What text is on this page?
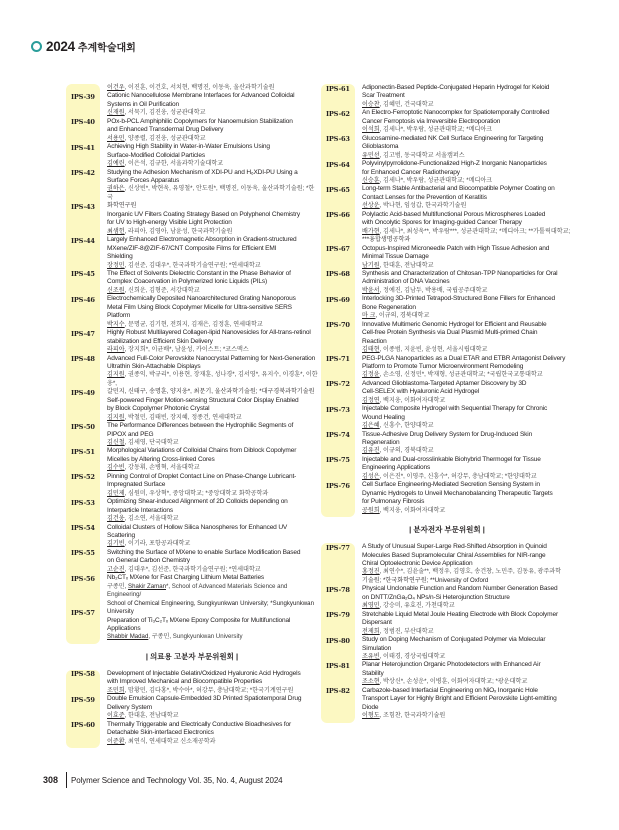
2024 추계학술대회
이건우, 이진훈, 이건호, 서치현, 백명진, 이동욱, 울산과학기술원
Cationic Nanocellulose Membrane Interfaces for Advanced Colloidal
Systems in Oil Purification
IPS-39
신재원, 서묵기, 김진웅, 성균관대학교
POx-b-PCL Amphiphilic Copolymers for Nanoemulsion Stabilization
and Enhanced Transdermal Drug Delivery
IPS-40
서용민, 양종렬, 김진웅, 성균관대학교
Achieving High Stability in Water-in-Water Emulsions Using
Surface-Modified Colloidal Particles
IPS-41
김예린, 이은석, 김규한, 서울과학기술대학교
Studying the Adhesion Mechanism of XDI-PU and H₆XDI-PU Using a
Surface Forces Apparatus
IPS-42
권하은, 신상빈*, 박현욱, 유영철*, 안도원*, 백명진, 이동욱, 울산과학기술원; *한국
화학연구원
Inorganic UV Filters Coating Strategy Based on Polyphenol Chemistry
for UV to High-energy Visible Light Protection
IPS-43
최샘헌, 라피아, 김영아, 남윤성, 한국과학기술원
Largely Enhanced Electromagnetic Absorption in Gradient-structured
MXene/ZIF-8@ZIF-67/CNT Composite Films for Efficient EMI
Shielding
IPS-44
장정민, 김선준, 김대우*, 한국과학기술연구원; *연세대학교
The Effect of Solvents Dielectric Constant in the Phase Behavior of
Complex Coacervation in Polymerized Ionic Liquids (PILs)
IPS-45
신조원, 신희운, 김형준, 서강대학교
Electrochemically Deposited Nanoarchitectured Grating Nanoporous
Metal Film Using Block Copolymer Micelle for Ultra-sensitive SERS
Platform
IPS-46
박지수, 문명균, 김기현, 전희지, 김재은, 김정훈, 연세대학교
Highly Robust Multilayered Collagen-lipid Nanovesicles for All-trans-retinol
stabilization and Efficient Skin Delivery
IPS-47
라피아, 장지희*, 이균배*, 남윤성, 카이스트; *코스맥스
Advanced Full-Color Perovskite Nanocrystal Patterning for Next-Generation
Ultrathin Skin-Attachable Displays
IPS-48
김지원, 권종익, 박규리*, 이용현, 장재훈, 성나경*, 김서영*, 유지수, 이경훈*, 이한웅*,
갈민지, 신태구, 송명훈, 양지웅*, 최문기, 울산과학기술원; *대구경북과학기술원
Self-powered Finger Motion-sensing Structural Color Display Enabled
by Block Copolymer Photonic Crystal
IPS-49
김지원, 박철민, 김태빈, 장지혜, 정종건, 연세대학교
The Performance Differences between the Hydrophilic Segments of
PIPOX and PEG
IPS-50
김신철, 김세영, 단국대학교
Morphological Variations of Colloidal Chains from Diblock Copolymer
Micelles by Altering Cross-linked Cores
IPS-51
김수빈, 강동휘, 손병혁, 서울대학교
Pinning Control of Droplet Contact Line on Phase-Change Lubricant-
Impregnated Surface
IPS-52
김민제, 심원미, 우상혁*, 중앙대학교; *중앙대학교 화학공학과
Optimizing Shear-induced Alignment of 2D Colloids depending on
Interparticle Interactions
IPS-53
김건웅, 김소연, 서울대학교
Colloidal Clusters of Hollow Silica Nanospheres for Enhanced UV
Scattering
IPS-54
김기빈, 이기라, 포항공과대학교
Switching the Surface of MXene to enable Surface Modification Based
on General Carbon Chemistry
IPS-55
고순진, 김대우*, 김선준, 한국과학기술연구원; *연세대학교
Nb₂CTₓ MXene for Fast Charging Lithium Metal Batteries
IPS-56
구종민, Shakir Zaman*, School of Advanced Materials Science and Engineering/
School of Chemical Engineering, Sungkyunkwan University; *Sungkyunkwan
University
Preparation of Ti₃C₂Tₓ MXene Epoxy Composite for Multifunctional
Applications
IPS-57
Shabbir Madad, 구종민, Sungkyunkwan University
| 의료용 고분자 부문위원회 |
Development of Injectable Gelatin/Oxidized Hyaluronic Acid Hydrogels
with Improved Mechanical and Biocompatible Properties
조민희, 맘황민, 김다홍*, 박수아*, 허강무, 충남대학교; *한국기계연구원
IPS-58
Double Emulsion Capsule-Embedded 3D Printed Spatiotemporal Drug
Delivery System
이효준, 한대훈, 전남대학교
IPS-59
Thermally Triggerable and Electrically Conductive Bioadhesives for
Detachable Skin-interfaced Electronics
이준환, 최연식, 연세대학교 신소재공학과
IPS-60
Adiponectin-Based Peptide-Conjugated Heparin Hydrogel for Keloid
Scar Treatment
이승찬, 김혜민, 건국대학교
IPS-61
An Electro-Ferroptotic Nanocomplex for Spatiotemporally Controlled
Cancer Ferroptosis via Irreversible Electroporation
이석희, 김세나*, 박우람, 성균관대학교; *메디아크
IPS-62
Glucosamine-mediated NK Cell Surface Engineering for Targeting
Glioblastoma
유민선, 김고범, 동국대학교 서울캠퍼스
IPS-63
Polyvinylpyrrolidone-Functionalized High-Z Inorganic Nanoparticles
for Enhanced Cancer Radiotherapy
신승훈, 김세나*, 박우람, 성균관대학교; *메디아크
IPS-64
Long-term Stable Antibacterial and Biocompatible Polymer Coating on
Contact Lenses for the Prevention of Keratitis
선상운, 박나현, 임성갑, 한국과학기술원
IPS-65
Polylactic Acid-based Multifunctional Porous Microspheres Loaded
with Oncolytic Spores for Imaging-guided Cancer Therapy
배가현, 김세나*, 최성욱**, 박우람***, 성균관대학교; *메디아크; **가톨릭대학교;
***융합생명공학과
IPS-66
Octopus-Inspired Microneedle Patch with High Tissue Adhesion and
Minimal Tissue Damage
남기원, 한대훈, 전남대학교
IPS-67
Synthesis and Characterization of Chitosan-TPP Nanoparticles for Oral
Administration of DNA Vaccines
박윤서, 정예진, 김남두, 박용배, 국립공주대학교
IPS-68
Interlocking 3D-Printed Tetrapod-Structured Bone Fillers for Enhanced
Bone Regeneration
마 크, 이규의, 경북대학교
IPS-69
Innovative Multimeric Genomic Hydrogel for Efficient and Reusable
Cell-free Protein Synthesis via Dual Plasmid Multi-primed Chain
Reaction
김태현, 이종범, 지윤빈, 윤성현, 서울시립대학교
IPS-70
PEG-PLGA Nanoparticles as a Dual ETAR and ETBR Antagonist Delivery
Platform to Promote Tumor Microenvironment Remodeling
김정윤, 손소영, 신정민*, 박재형, 성균관대학교; *국립한국교통대학교
IPS-71
Advanced Glioblastoma-Targeted Aptamer Discovery by 3D
Cell-SELEX with Hyaluronic Acid Hydrogel
김정연, 백지웅, 이화여자대학교
IPS-72
Injectable Composite Hydrogel with Sequential Therapy for Chronic
Wound Healing
김은혜, 신흥수, 한양대학교
IPS-73
Tissue-Adhesive Drug Delivery System for Drug-Induced Skin
Regeneration
김유진, 이규의, 경북대학교
IPS-74
Injectable and Dual-crosslinkable Biohybrid Thermogel for Tissue
Engineering Applications
김성은, 이은진*, 이영주, 신흥수*, 허강무, 충남대학교; *한양대학교
IPS-75
Cell Surface Engineering-Mediated Secretion Sensing System in
Dynamic Hydrogels to Unveil Mechanobalancing Therapeutic Targets
for Pulmonary Fibrosis
공원희, 백지웅, 이화여자대학교
IPS-76
| 분자전자 부문위원회 |
A Study of Unusual Super-Large Red-Shifted Absorption in Quinoid
Molecules Based Supramolecular Chiral Assemblies for NIR-range
Chiral Optoelectronic Device Application
홍정진, 최연수*, 김윤술**, 백정우, 김영호, 송건창, 노민주, 김동유, 광주과학
기술원; *한국화학연구원; **University of Oxford
IPS-77
Physical Unclonable Function and Random Number Generation Based
on DNTT/ZnGa₂O₄ NPs/n-Si Heterojunction Structure
최영민, 강승미, 유효진, 가천대학교
IPS-78
Stretchable Liquid Metal Joule Heating Electrode with Block Copolymer
Dispersant
전제희, 정범진, 부산대학교
IPS-79
Study on Doping Mechanism of Conjugated Polymer via Molecular
Simulation
조유빈, 이태경, 경상국립대학교
IPS-80
Planar Heterojunction Organic Photodetectors with Enhanced Air
Stability
조소현, 박상신*, 손성운*, 이병훈, 이화여자대학교; *광운대학교
IPS-81
Carbazole-based Interfacial Engineering on NiOₓ Inorganic Hole
Transport Layer for Highly Bright and Efficient Perovskite Light-emitting
Diode
이형도, 조힘찬, 한국과학기술원
IPS-82
308 Polymer Science and Technology Vol. 35, No. 4, August 2024
